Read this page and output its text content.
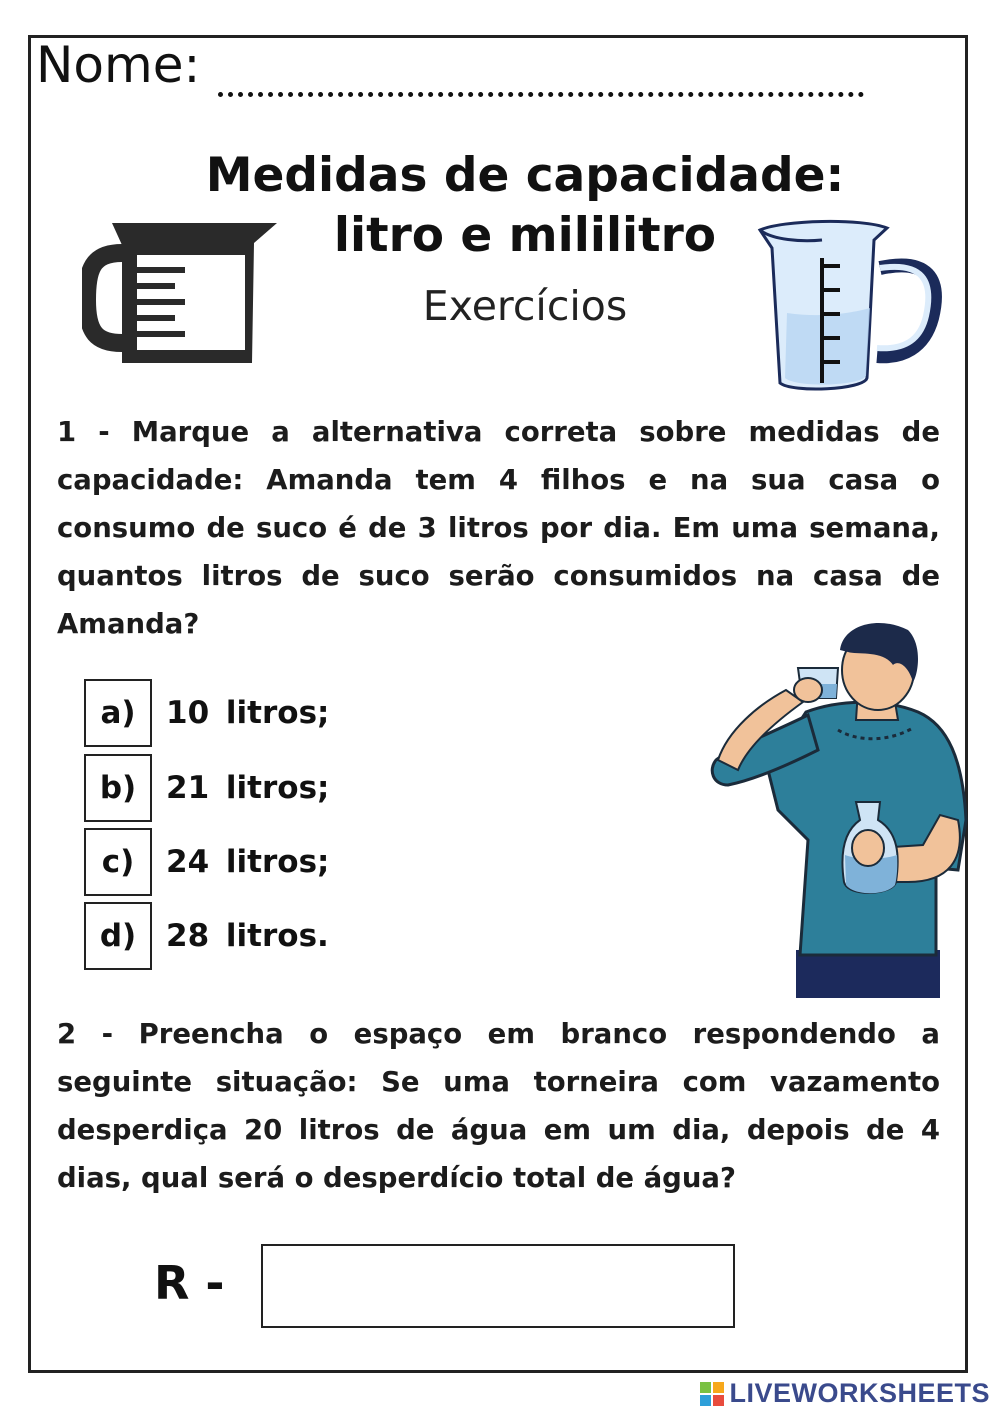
Nome:
Medidas de capacidade:
litro e mililitro
Exercícios
1 - Marque a alternativa correta sobre medidas de capacidade: Amanda tem 4 filhos e na sua casa o consumo de suco é de 3 litros por dia. Em uma semana, quantos litros de suco serão consumidos na casa de Amanda?
a) 10 litros;
b) 21 litros;
c)	24 litros;
d) 28 litros.
2 - Preencha o espaço em branco respondendo a seguinte situação: Se uma torneira com vazamento desperdiça 20 litros de água em um dia, depois de 4 dias, qual será o desperdício total de água?
R -
LIVEWORKSHEETS
